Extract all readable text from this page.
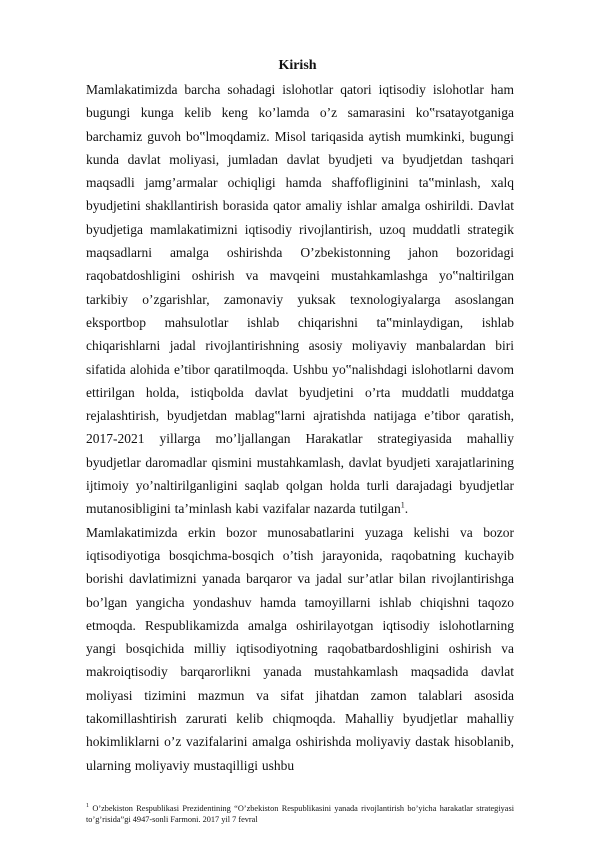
Kirish

Mamlakatimizda barcha sohadagi islohotlar qatori iqtisodiy islohotlar ham bugungi kunga kelib keng ko’lamda o’z samarasini ko‟rsatayotganiga barchamiz guvoh bo‟lmoqdamiz. Misol tariqasida aytish mumkinki, bugungi kunda davlat moliyasi, jumladan davlat byudjeti va byudjetdan tashqari maqsadli jamg’armalar ochiqligi hamda shaffofliginini ta‟minlash, xalq byudjetini shakllantirish borasida qator amaliy ishlar amalga oshirildi. Davlat byudjetiga mamlakatimizni iqtisodiy rivojlantirish, uzoq muddatli strategik maqsadlarni amalga oshirishda O’zbekistonning jahon bozoridagi raqobatdoshligini oshirish va mavqeini mustahkamlashga yo‟naltirilgan tarkibiy o’zgarishlar, zamonaviy yuksak texnologiyalarga asoslangan eksportbop mahsulotlar ishlab chiqarishni ta‟minlaydigan, ishlab chiqarishlarni jadal rivojlantirishning asosiy moliyaviy manbalardan biri sifatida alohida e’tibor qaratilmoqda. Ushbu yo‟nalishdagi islohotlarni davom ettirilgan holda, istiqbolda davlat byudjetini o’rta muddatli muddatga rejalashtirish, byudjetdan mablag‟larni ajratishda natijaga e’tibor qaratish, 2017-2021 yillarga mo’ljallangan Harakatlar strategiyasida mahalliy byudjetlar daromadlar qismini mustahkamlash, davlat byudjeti xarajatlarining ijtimoiy yo’naltirilganligini saqlab qolgan holda turli darajadagi byudjetlar mutanosibligini ta’minlash kabi vazifalar nazarda tutilgan$^1$.

Mamlakatimizda erkin bozor munosabatlarini yuzaga kelishi va bozor iqtisodiyotiga bosqichma-bosqich o’tish jarayonida, raqobatning kuchayib borishi davlatimizni yanada barqaror va jadal sur’atlar bilan rivojlantirishga bo’lgan yangicha yondashuv hamda tamoyillarni ishlab chiqishni taqozo etmoqda. Respublikamizda amalga oshirilayotgan iqtisodiy islohotlarning yangi bosqichida milliy iqtisodiyotning raqobatbardoshligini oshirish va makroiqtisodiy barqarorlikni yanada mustahkamlash maqsadida davlat moliyasi tizimini mazmun va sifat jihatdan zamon talablari asosida takomillashtirish zarurati kelib chiqmoqda. Mahalliy byudjetlar mahalliy hokimliklarni o’z vazifalarini amalga oshirishda moliyaviy dastak hisoblanib, ularning moliyaviy mustaqilligi ushbu

$^1$ O’zbekiston Respublikasi Prezidentining “O’zbekiston Respublikasini yanada rivojlantirish bo’yicha harakatlar strategiyasi to’g’risida”gi 4947-sonli Farmoni. 2017 yil 7 fevral
